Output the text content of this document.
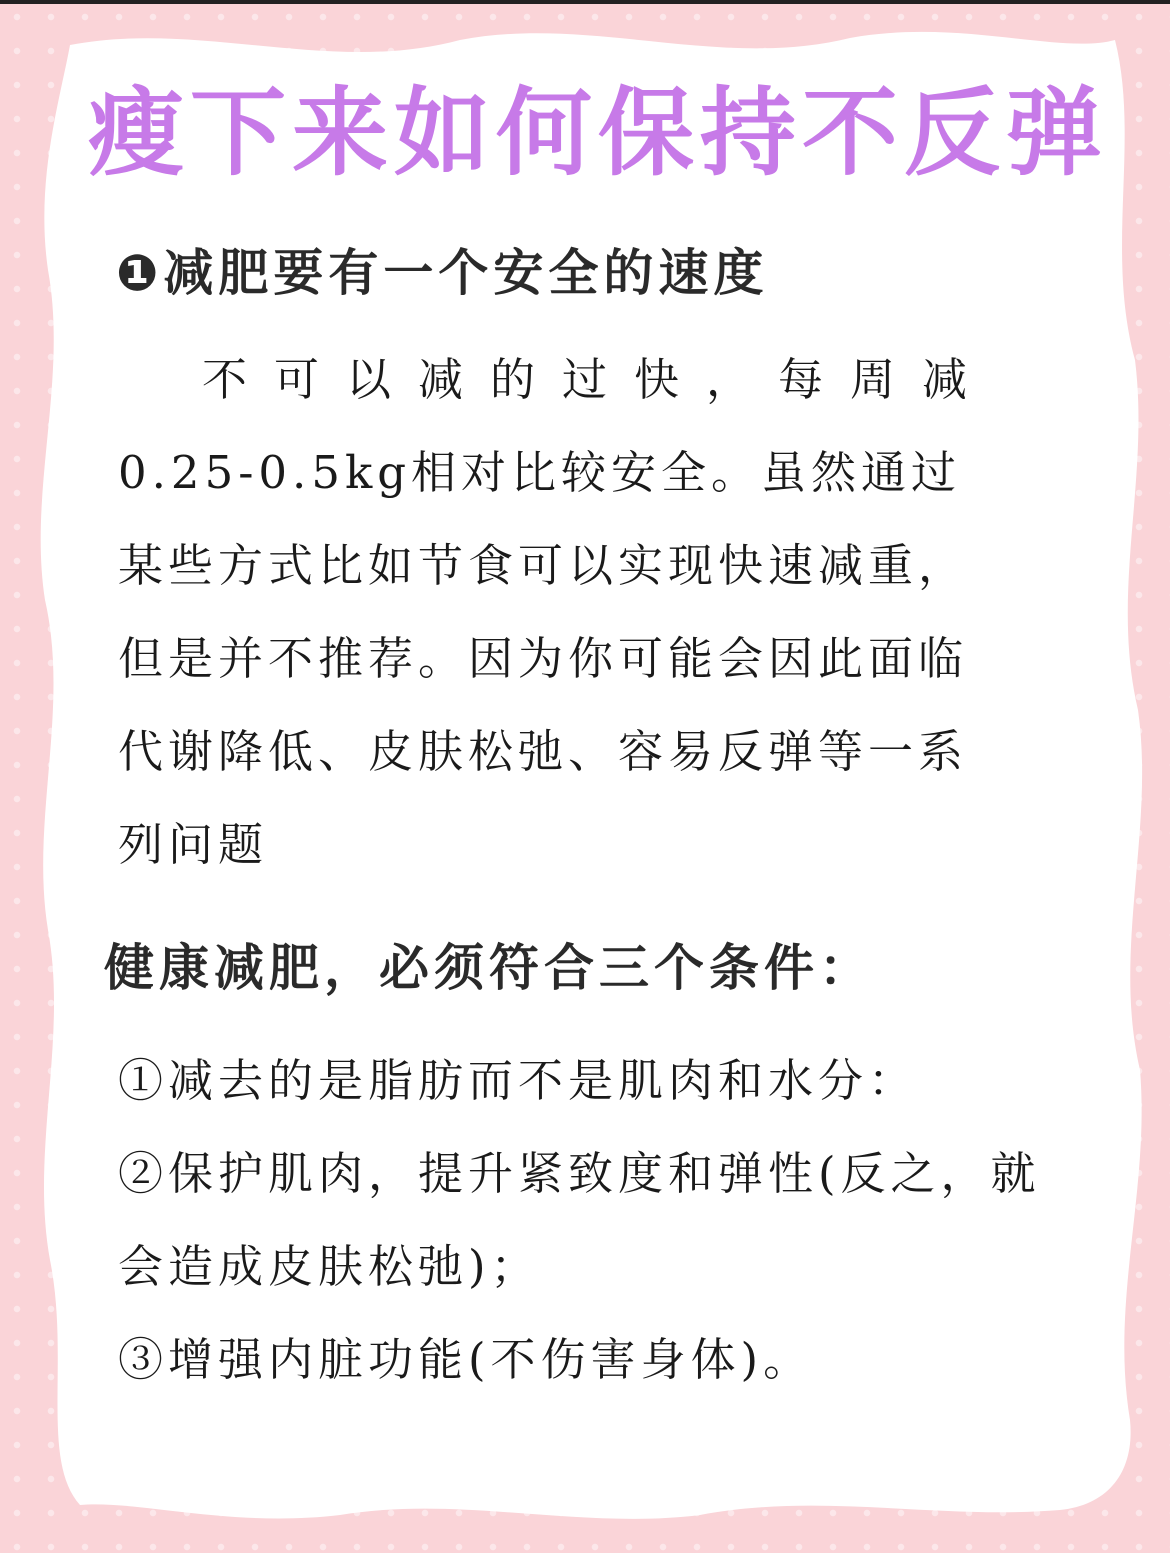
瘦下来如何保持不反弹
❶减肥要有一个安全的速度

不可以减的过快，每周减
0.25-0.5kg相对比较安全。虽然通过
某些方式比如节食可以实现快速减重，
但是并不推荐。因为你可能会因此面临
代谢降低、皮肤松弛、容易反弹等一系
列问题

健康减肥，必须符合三个条件：
①减去的是脂肪而不是肌肉和水分：
②保护肌肉，提升紧致度和弹性(反之，就
会造成皮肤松弛)；
③增强内脏功能(不伤害身体)。
